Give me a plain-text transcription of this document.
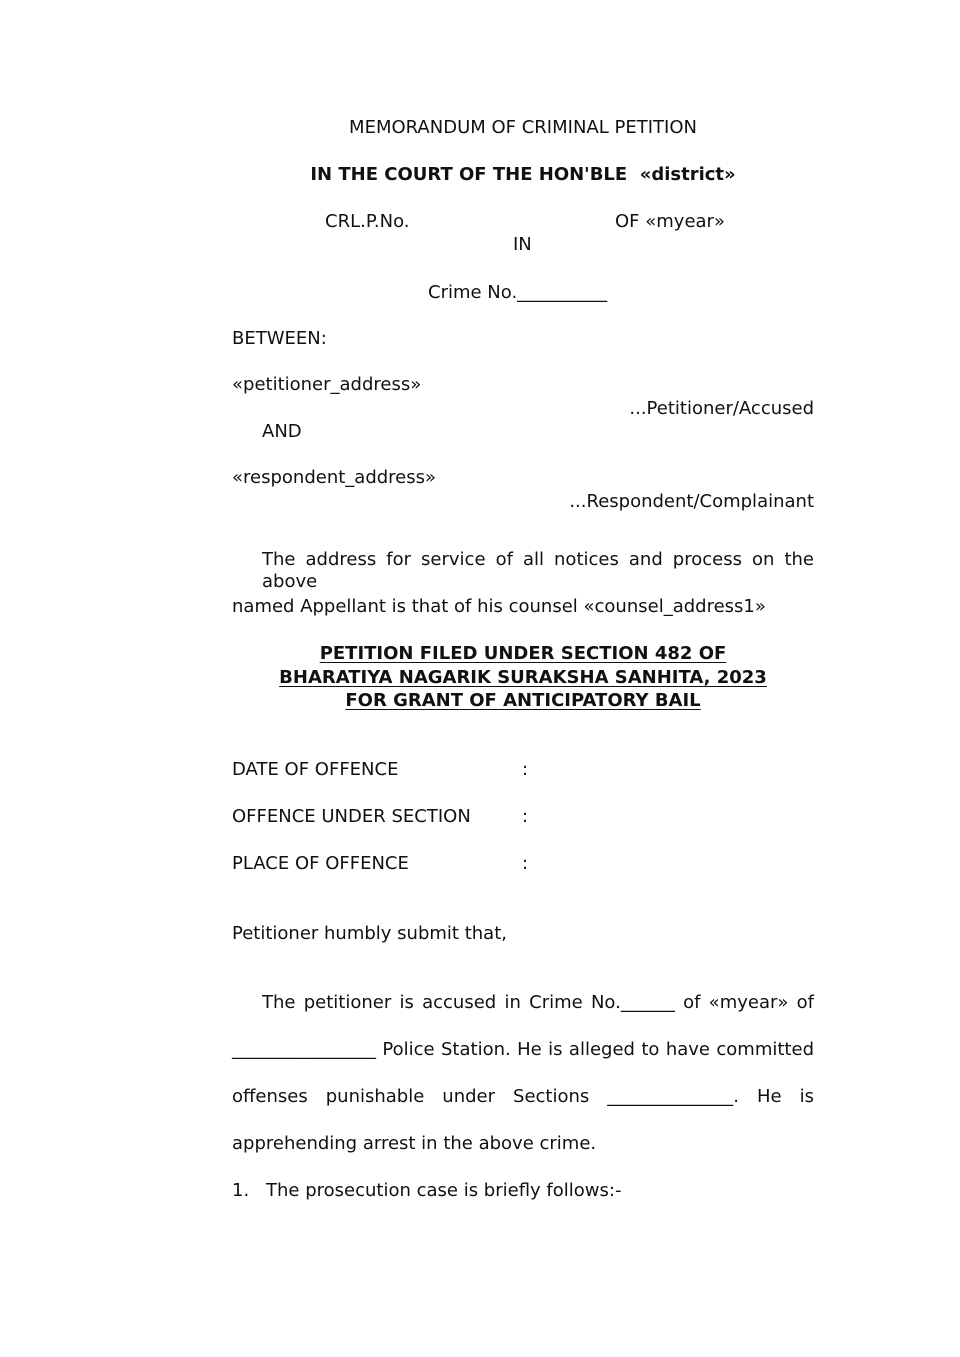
MEMORANDUM OF CRIMINAL PETITION
IN THE COURT OF THE HON'BLE  «district»
CRL.P.No.	OF «myear»
IN
Crime No.__________
BETWEEN:
«petitioner_address»
...Petitioner/Accused
AND
«respondent_address»
...Respondent/Complainant
The address for service of all notices and process on the above
named Appellant is that of his counsel «counsel_address1»
PETITION FILED UNDER SECTION 482 OF
BHARATIYA NAGARIK SURAKSHA SANHITA, 2023
FOR GRANT OF ANTICIPATORY BAIL
DATE OF OFFENCE	:
OFFENCE UNDER SECTION	:
PLACE OF OFFENCE	:
Petitioner humbly submit that,
The petitioner is accused in Crime No.______ of «myear» of
________________ Police Station. He is alleged to have committed
offenses punishable under Sections ______________. He is
apprehending arrest in the above crime.
1. The prosecution case is briefly follows:-
